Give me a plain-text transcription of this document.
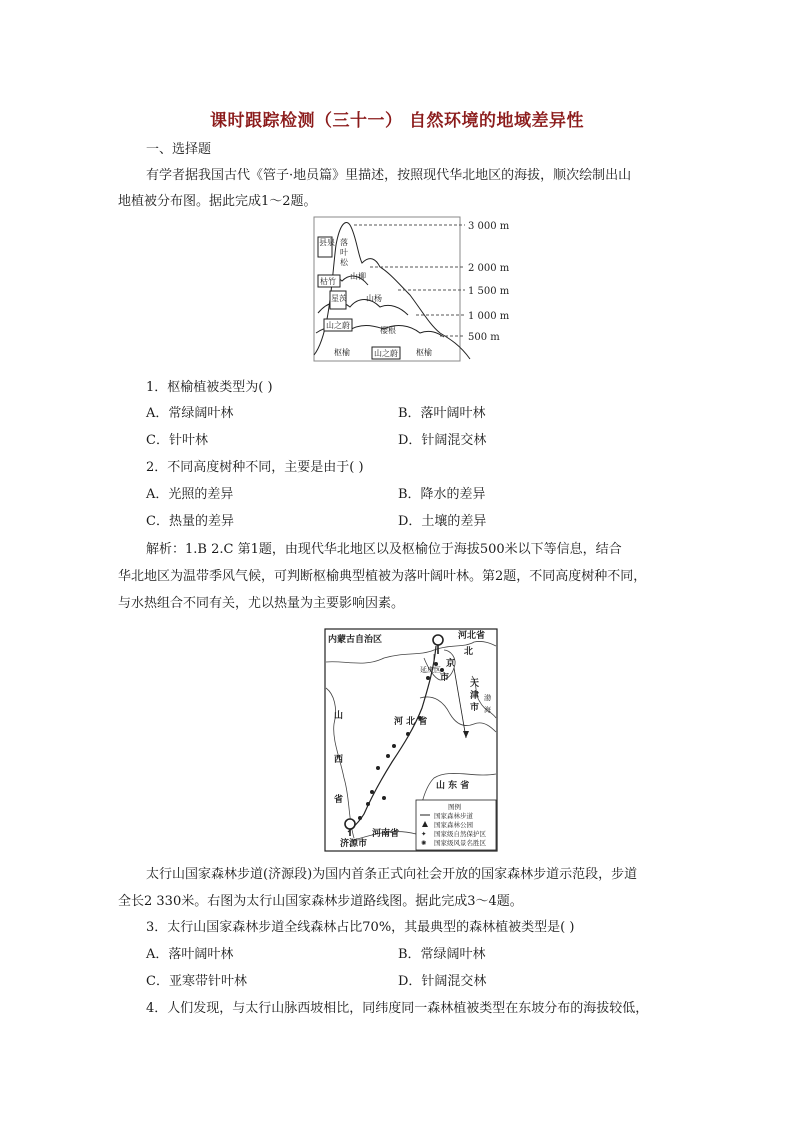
课时跟踪检测（三十一） 自然环境的地域差异性
一、选择题
有学者据我国古代《管子·地员篇》里描述，按照现代华北地区的海拔，顺次绘制出山
地植被分布图。据此完成1～2题。
3 000 m
2 000 m
1 500 m
1 000 m
500 m
县泉 落
叶
松
山柳
枯竹
星茨 山杨
山之蔚
樱根
枢榆	山之蔚 枢榆
1．枢榆植被类型为( )
A．常绿阔叶林	B．落叶阔叶林
C．针叶林	D．针阔混交林
2．不同高度树种不同，主要是由于( )
A．光照的差异	B．降水的差异
C．热量的差异	D．土壤的差异
解析：1.B 2.C 第1题，由现代华北地区以及枢榆位于海拔500米以下等信息，结合
华北地区为温带季风气候，可判断枢榆典型植被为落叶阔叶林。第2题，不同高度树种不同，
与水热组合不同有关，尤以热量为主要影响因素。
内蒙古自治区	河北省
北
京
市
天
津
市
山
西
省
河 北 省
山 东 省
河南省
济源市
延庆区
渤
海
图例
国家森林步道
国家森林公园
✦ 国家级自然保护区
✺ 国家级风景名胜区
太行山国家森林步道(济源段)为国内首条正式向社会开放的国家森林步道示范段，步道
全长2 330米。右图为太行山国家森林步道路线图。据此完成3～4题。
3．太行山国家森林步道全线森林占比70%，其最典型的森林植被类型是( )
A．落叶阔叶林	B．常绿阔叶林
C．亚寒带针叶林	D．针阔混交林
4．人们发现，与太行山脉西坡相比，同纬度同一森林植被类型在东坡分布的海拔较低，
